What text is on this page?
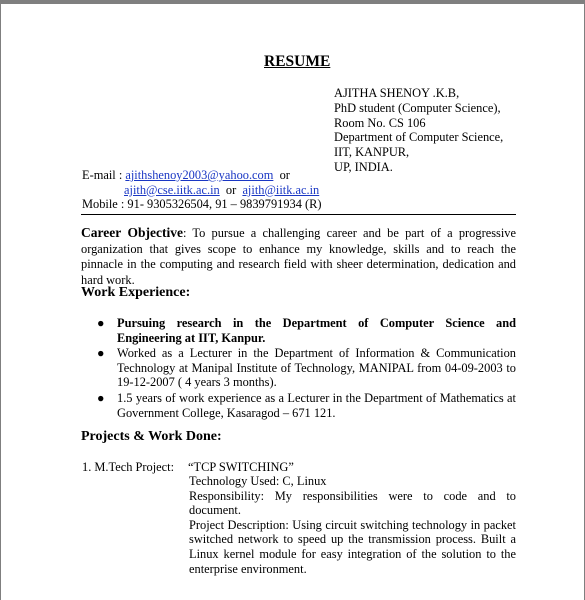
RESUME
AJITHA SHENOY .K.B,
PhD student (Computer Science),
Room No. CS 106
Department of Computer Science,
IIT, KANPUR,
UP, INDIA.
E-mail : ajithshenoy2003@yahoo.com  or
ajith@cse.iitk.ac.in  or  ajith@iitk.ac.in
Mobile : 91- 9305326504, 91 – 9839791934 (R)
Career Objective: To pursue a challenging career and be part of a progressive organization that gives scope to enhance my knowledge, skills and to reach the pinnacle in the computing and research field with sheer determination, dedication and hard work.
Work Experience:
● Pursuing research in the Department of Computer Science and Engineering at IIT, Kanpur.
● Worked as a Lecturer in the Department of Information & Communication Technology at Manipal Institute of Technology, MANIPAL from 04-09-2003 to 19-12-2007 ( 4 years 3 months).
● 1.5 years of work experience as a Lecturer in the Department of Mathematics at Government College, Kasaragod – 671 121.
Projects & Work Done:
1. M.Tech Project: “TCP SWITCHING”
Technology Used: C, Linux
Responsibility: My responsibilities were to code and to document.
Project Description: Using circuit switching technology in packet switched network to speed up the transmission process. Built a Linux kernel module for easy integration of the solution to the enterprise environment.
